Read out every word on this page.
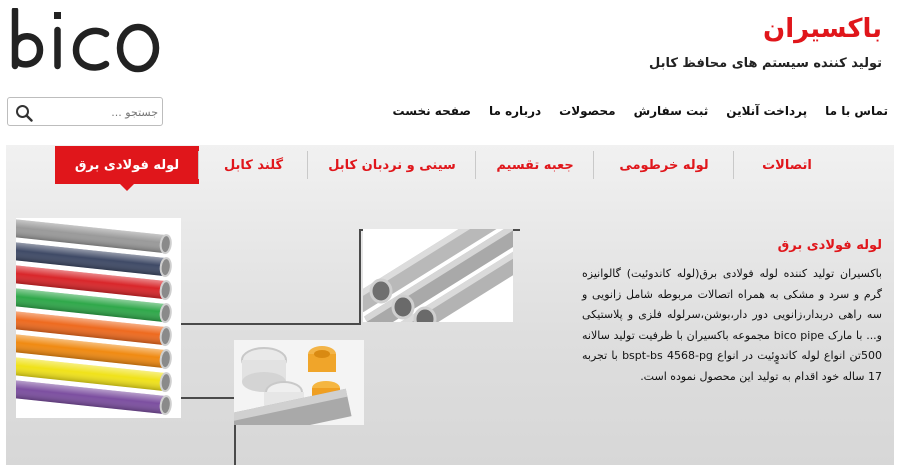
جستجو ...
باکسیران
تولید کننده سیستم های محافظ کابل
صفحه نخست درباره ما محصولات ثبت سفارش پرداخت آنلاین تماس با ما
اتصالات
لوله خرطومی
جعبه تقسیم
سینی و نردبان کابل
گلند کابل
لوله فولادی برق
لوله فولادی برق

باکسیران تولید کننده لوله فولادی برق(لوله کاندوئیت) گالوانیزه گرم و سرد و مشکی به همراه اتصالات مربوطه شامل زانویی و سه راهی دربدار،زانویی دور دار،بوشن،سرلوله فلزی و پلاستیکی و... با مارک bico pipe مجموعه باکسیران با ظرفیت تولید سالانه 500تن انواع لوله کاندوٍئیت در انواع bspt-bs 4568-pg با تجربه 17 ساله خود اقدام به تولید این محصول نموده است.
